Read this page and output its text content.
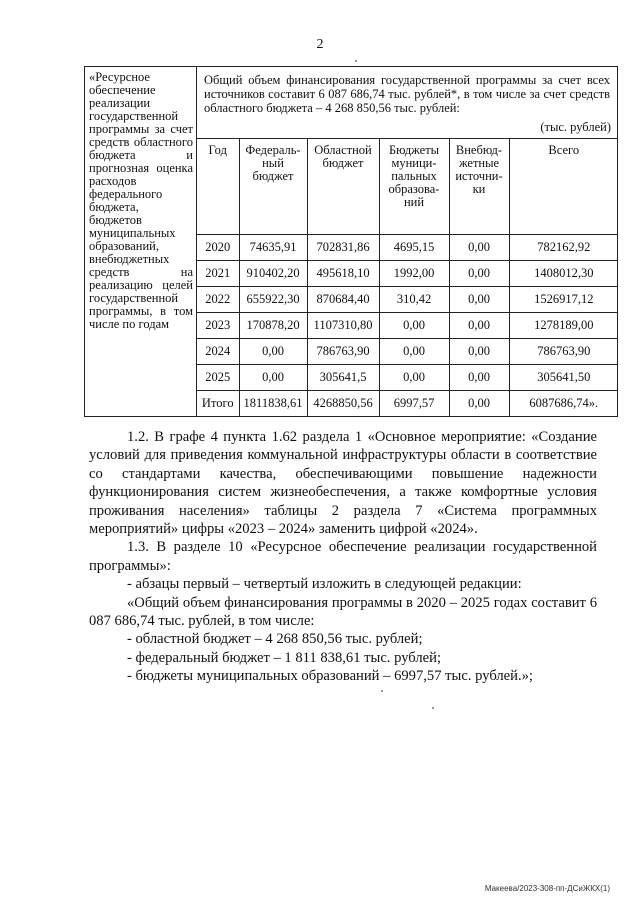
2
«Ресурсное обеспечение реализации государственной программы за счет средств областного бюджета и прогнозная оценка расходов федерального бюджета, бюджетов муниципальных образований, внебюджетных средств на реализацию целей государственной программы, в том числе по годам	
Общий объем финансирования государственной программы за счет всех источников составит 6 087 686,74 тыс. рублей*, в том числе за счет средств областного бюджета – 4 268 850,56 тыс. рублей:
(тыс. рублей)
Год	Федераль-ный бюджет	Областной бюджет	Бюджеты муници-пальных образова-ний	Внебюд-жетные источни-ки	Всего
2020	74635,91	702831,86	4695,15	0,00	782162,92
2021	910402,20	495618,10	1992,00	0,00	1408012,30
2022	655922,30	870684,40	310,42	0,00	1526917,12
2023	170878,20	1107310,80	0,00	0,00	1278189,00
2024	0,00	786763,90	0,00	0,00	786763,90
2025	0,00	305641,5	0,00	0,00	305641,50
Итого	1811838,61	4268850,56	6997,57	0,00	6087686,74».

1.2. В графе 4 пункта 1.62 раздела 1 «Основное мероприятие: «Создание условий для приведения коммунальной инфраструктуры области в соответствие со стандартами качества, обеспечивающими повышение надежности функционирования систем жизнеобеспечения, а также комфортные условия проживания населения» таблицы 2 раздела 7 «Система программных мероприятий» цифры «2023 – 2024» заменить цифрой «2024».

1.3. В разделе 10 «Ресурсное обеспечение реализации государственной программы»:

- абзацы первый – четвертый изложить в следующей редакции:

«Общий объем финансирования программы в 2020 – 2025 годах составит 6 087 686,74 тыс. рублей, в том числе:

- областной бюджет – 4 268 850,56 тыс. рублей;

- федеральный бюджет – 1 811 838,61 тыс. рублей;

- бюджеты муниципальных образований – 6997,57 тыс. рублей.»;

Макеева/2023-308-пп-ДСиЖКХ(1)
